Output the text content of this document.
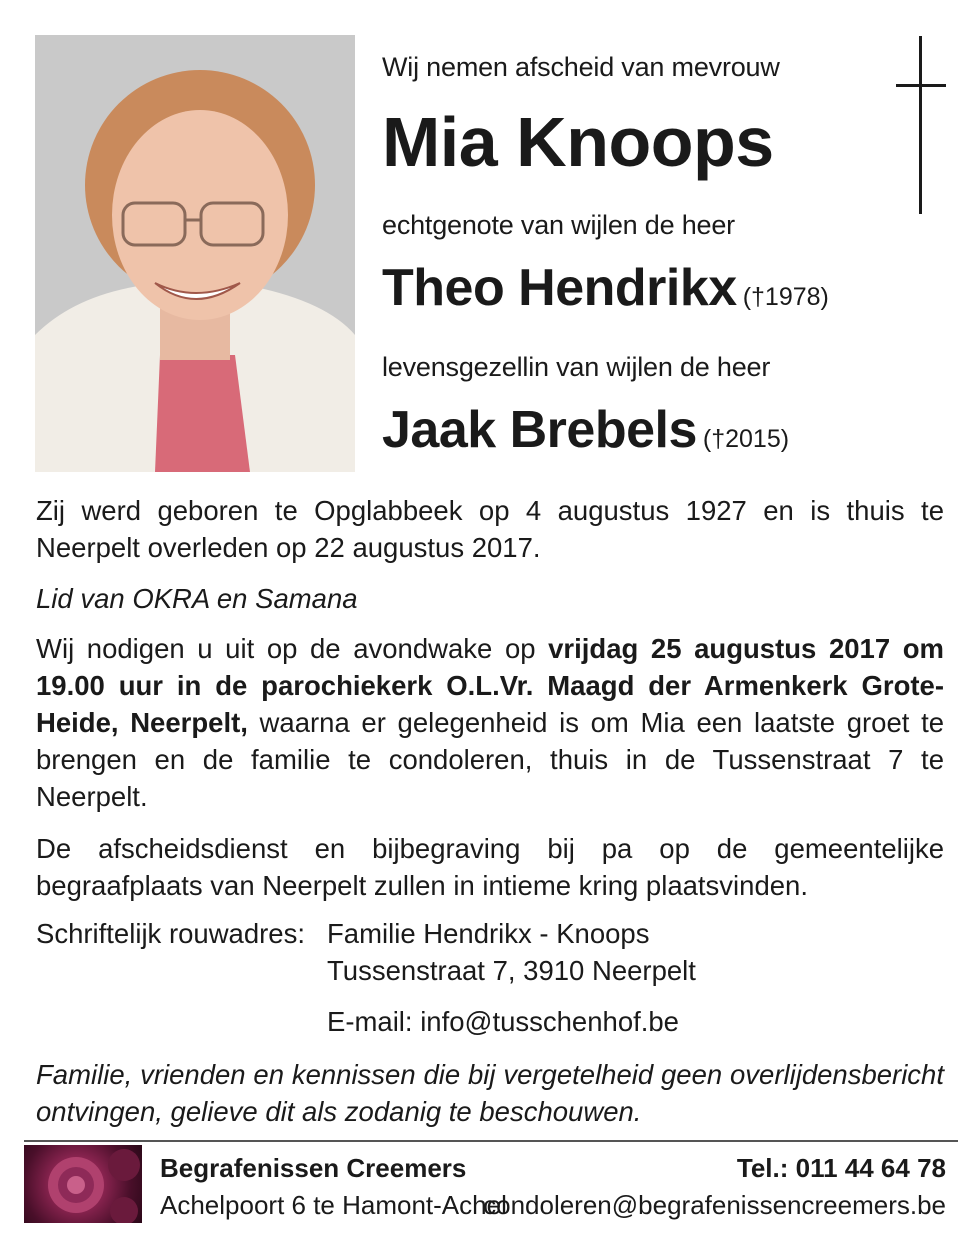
Wij nemen afscheid van mevrouw
Mia Knoops
echtgenote van wijlen de heer
Theo Hendrikx (†1978)
levensgezellin van wijlen de heer
Jaak Brebels (†2015)
Zij werd geboren te Opglabbeek op 4 augustus 1927 en is thuis te Neerpelt overleden op 22 augustus 2017.
Lid van OKRA en Samana
Wij nodigen u uit op de avondwake op vrijdag 25 augustus 2017 om 19.00 uur in de parochiekerk O.L.Vr. Maagd der Armenkerk Grote-Heide, Neerpelt, waarna er gelegenheid is om Mia een laatste groet te brengen en de familie te condoleren, thuis in de Tussenstraat 7 te Neerpelt.
De afscheidsdienst en bijbegraving bij pa op de gemeentelijke begraafplaats van Neerpelt zullen in intieme kring plaatsvinden.
Schriftelijk rouwadres: Familie Hendrikx - Knoops
Tussenstraat 7, 3910 Neerpelt
E-mail: info@tusschenhof.be
Familie, vrienden en kennissen die bij vergetelheid geen overlijdensbericht ontvingen, gelieve dit als zodanig te beschouwen.
Begrafenissen Creemers
Achelpoort 6 te Hamont-Achel
Tel.: 011 44 64 78
condoleren@begrafenissencreemers.be
